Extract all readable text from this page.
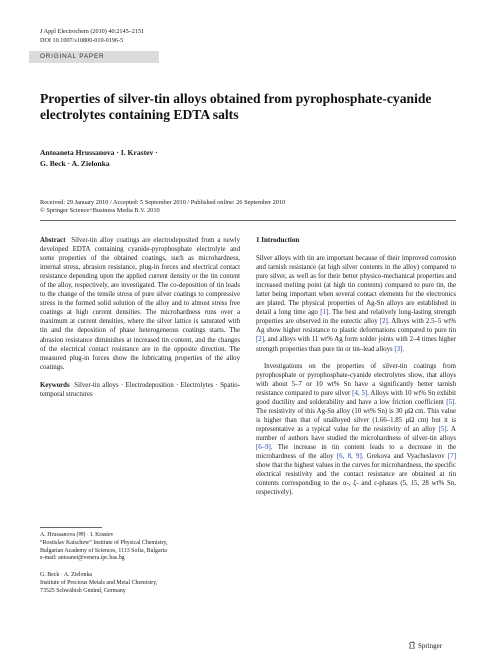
J Appl Electrochem (2010) 40:2145–2151
DOI 10.1007/s10800-010-0196-5
ORIGINAL PAPER
Properties of silver-tin alloys obtained from pyrophosphate-cyanide electrolytes containing EDTA salts
Antoaneta Hrussanova · I. Krastev ·
G. Beck · A. Zielonka
Received: 29 January 2010 / Accepted: 5 September 2010 / Published online: 26 September 2010
© Springer Science+Business Media B.V. 2010

Abstract Silver-tin alloy coatings are electrodeposited from a newly developed EDTA containing cyanide-pyrophosphate electrolyte and some properties of the obtained coatings, such as microhardness, internal stress, abrasion resistance, plug-in forces and electrical contact resistance depending upon the applied current density or the tin content of the alloy, respectively, are investigated. The co-deposition of tin leads to the change of the tensile stress of pure silver coatings to compressive stress in the formed solid solution of the alloy and to almost stress free coatings at high current densities. The microhardness runs over a maximum at current densities, where the silver lattice is saturated with tin and the deposition of phase heterogeneous coatings starts. The abrasion resistance diminishes at increased tin content, and the changes of the electrical contact resistance are in the opposite direction. The measured plug-in forces show the lubricating properties of the alloy coatings.

Keywords Silver-tin alloys · Electrodeposition · Electrolytes · Spatio-temporal structures

A. Hrussanova (✉) · I. Krastev
“Rostislav Kaischew” Institute of Physical Chemistry,
Bulgarian Academy of Sciences, 1113 Sofia, Bulgaria
e-mail: antoanet@venera.ipc.bas.bg
G. Beck · A. Zielonka
Institute of Precious Metals and Metal Chemistry,
73525 Schwäbish Gmünd, Germany
1 Introduction

Silver alloys with tin are important because of their improved corrosion and tarnish resistance (at high silver contents in the alloy) compared to pure silver, as well as for their better physico-mechanical properties and increased melting point (at high tin contents) compared to pure tin, the latter being important when several contact elements for the electronics are plated. The physical properties of Ag-Sn alloys are established in detail a long time ago [1]. The best and relatively long-lasting strength properties are observed in the eutectic alloy [2]. Alloys with 2.5–5 wt% Ag show higher resistance to plastic deformations compared to pure tin [2], and alloys with 11 wt% Ag form solder joints with 2–4 times higher strength properties than pure tin or tin–lead alloys [3].

Investigations on the properties of silver-tin coatings from pyrophosphate or pyrophosphate-cyanide electrolytes show, that alloys with about 5–7 or 10 wt% Sn have a significantly better tarnish resistance compared to pure silver [4, 5]. Alloys with 10 wt% Sn exhibit good ductility and solderability and have a low friction coefficient [5]. The resistivity of this Ag-Sn alloy (10 wt% Sn) is 30 μΩ cm. This value is higher than that of unalloyed silver (1.66–1.85 μΩ cm) but it is representative as a typical value for the resistivity of an alloy [5]. A number of authors have studied the microhardness of silver-tin alloys [6–9]. The increase in tin content leads to a decrease in the microhardness of the alloy [6, 8, 9]. Grekova and Vyacheslavov [7] show that the highest values in the curves for microhardness, the specific electrical resistivity and the contact resistance are obtained at tin contents corresponding to the α-, ζ- and ε-phases (5, 15, 28 wt% Sn, respectively).

Springer
